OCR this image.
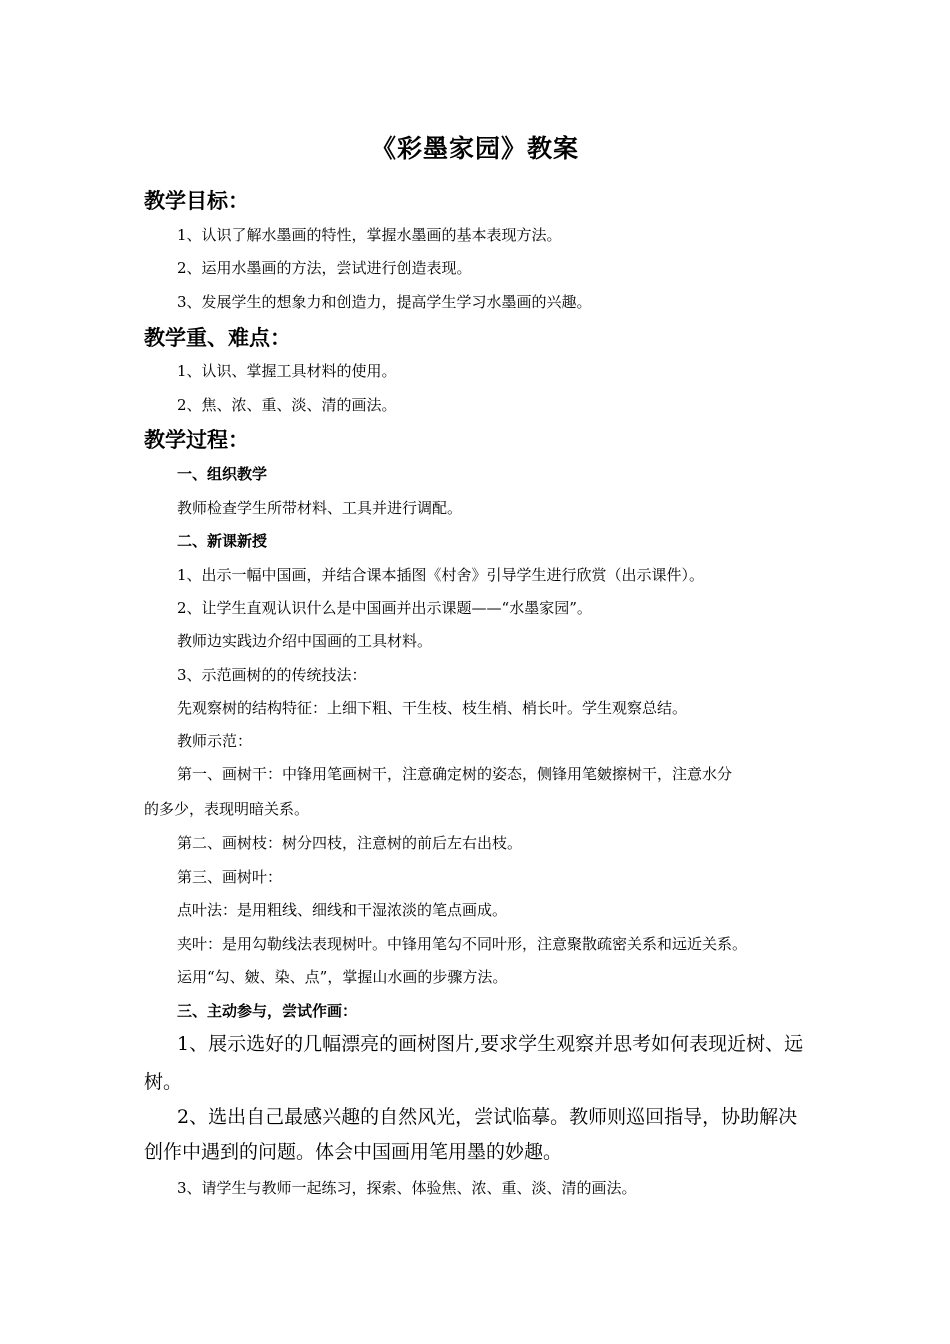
《彩墨家园》教案
教学目标：
1、认识了解水墨画的特性，掌握水墨画的基本表现方法。
2、运用水墨画的方法，尝试进行创造表现。
3、发展学生的想象力和创造力，提高学生学习水墨画的兴趣。
教学重、难点：
1、认识、掌握工具材料的使用。
2、焦、浓、重、淡、清的画法。
教学过程：
一、组织教学
教师检查学生所带材料、工具并进行调配。
二、新课新授
1、出示一幅中国画，并结合课本插图《村舍》引导学生进行欣赏（出示课件）。
2、让学生直观认识什么是中国画并出示课题——“水墨家园”。
教师边实践边介绍中国画的工具材料。
3、示范画树的的传统技法：
先观察树的结构特征：上细下粗、干生枝、枝生梢、梢长叶。学生观察总结。
教师示范：
第一、画树干：中锋用笔画树干，注意确定树的姿态，侧锋用笔皴擦树干，注意水分
的多少，表现明暗关系。
第二、画树枝：树分四枝，注意树的前后左右出枝。
第三、画树叶：
点叶法：是用粗线、细线和干湿浓淡的笔点画成。
夹叶：是用勾勒线法表现树叶。中锋用笔勾不同叶形，注意聚散疏密关系和远近关系。
运用“勾、皴、染、点”，掌握山水画的步骤方法。
三、主动参与，尝试作画：
1、展示选好的几幅漂亮的画树图片,要求学生观察并思考如何表现近树、远
树。
2、选出自己最感兴趣的自然风光，尝试临摹。教师则巡回指导，协助解决
创作中遇到的问题。体会中国画用笔用墨的妙趣。
3、请学生与教师一起练习，探索、体验焦、浓、重、淡、清的画法。
